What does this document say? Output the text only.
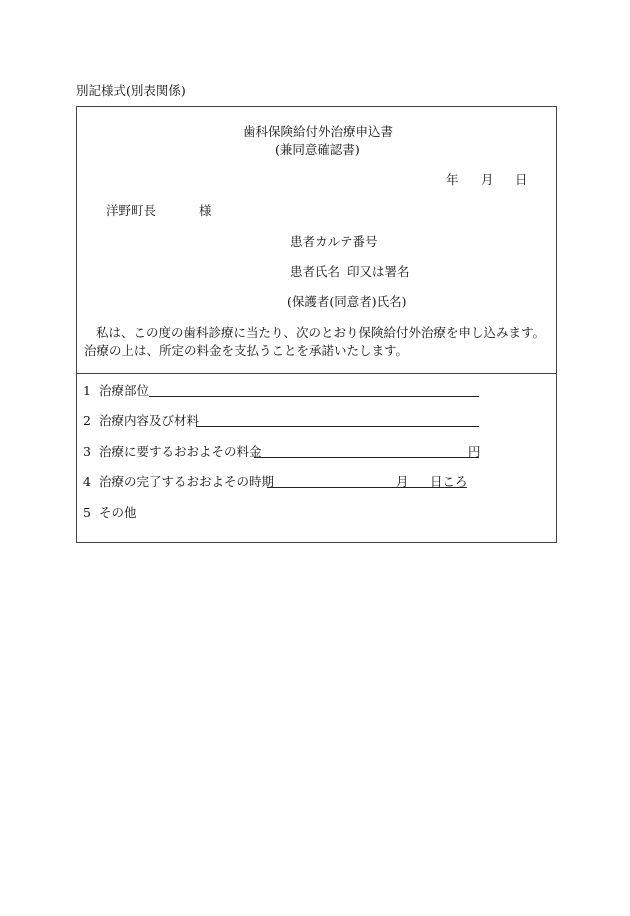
別記様式(別表関係)
歯科保険給付外治療申込書
(兼同意確認書)
年 月 日
洋野町長	様
患者カルテ番号
患者氏名 印又は署名
(保護者(同意者)氏名)
私は、この度の歯科診療に当たり、次のとおり保険給付外治療を申し込みます。治療の上は、所定の料金を支払うことを承諾いたします。
1 治療部位
2 治療内容及び材料
3 治療に要するおおよその料金	円
4 治療の完了するおおよその時期	月 日ころ
5 その他
